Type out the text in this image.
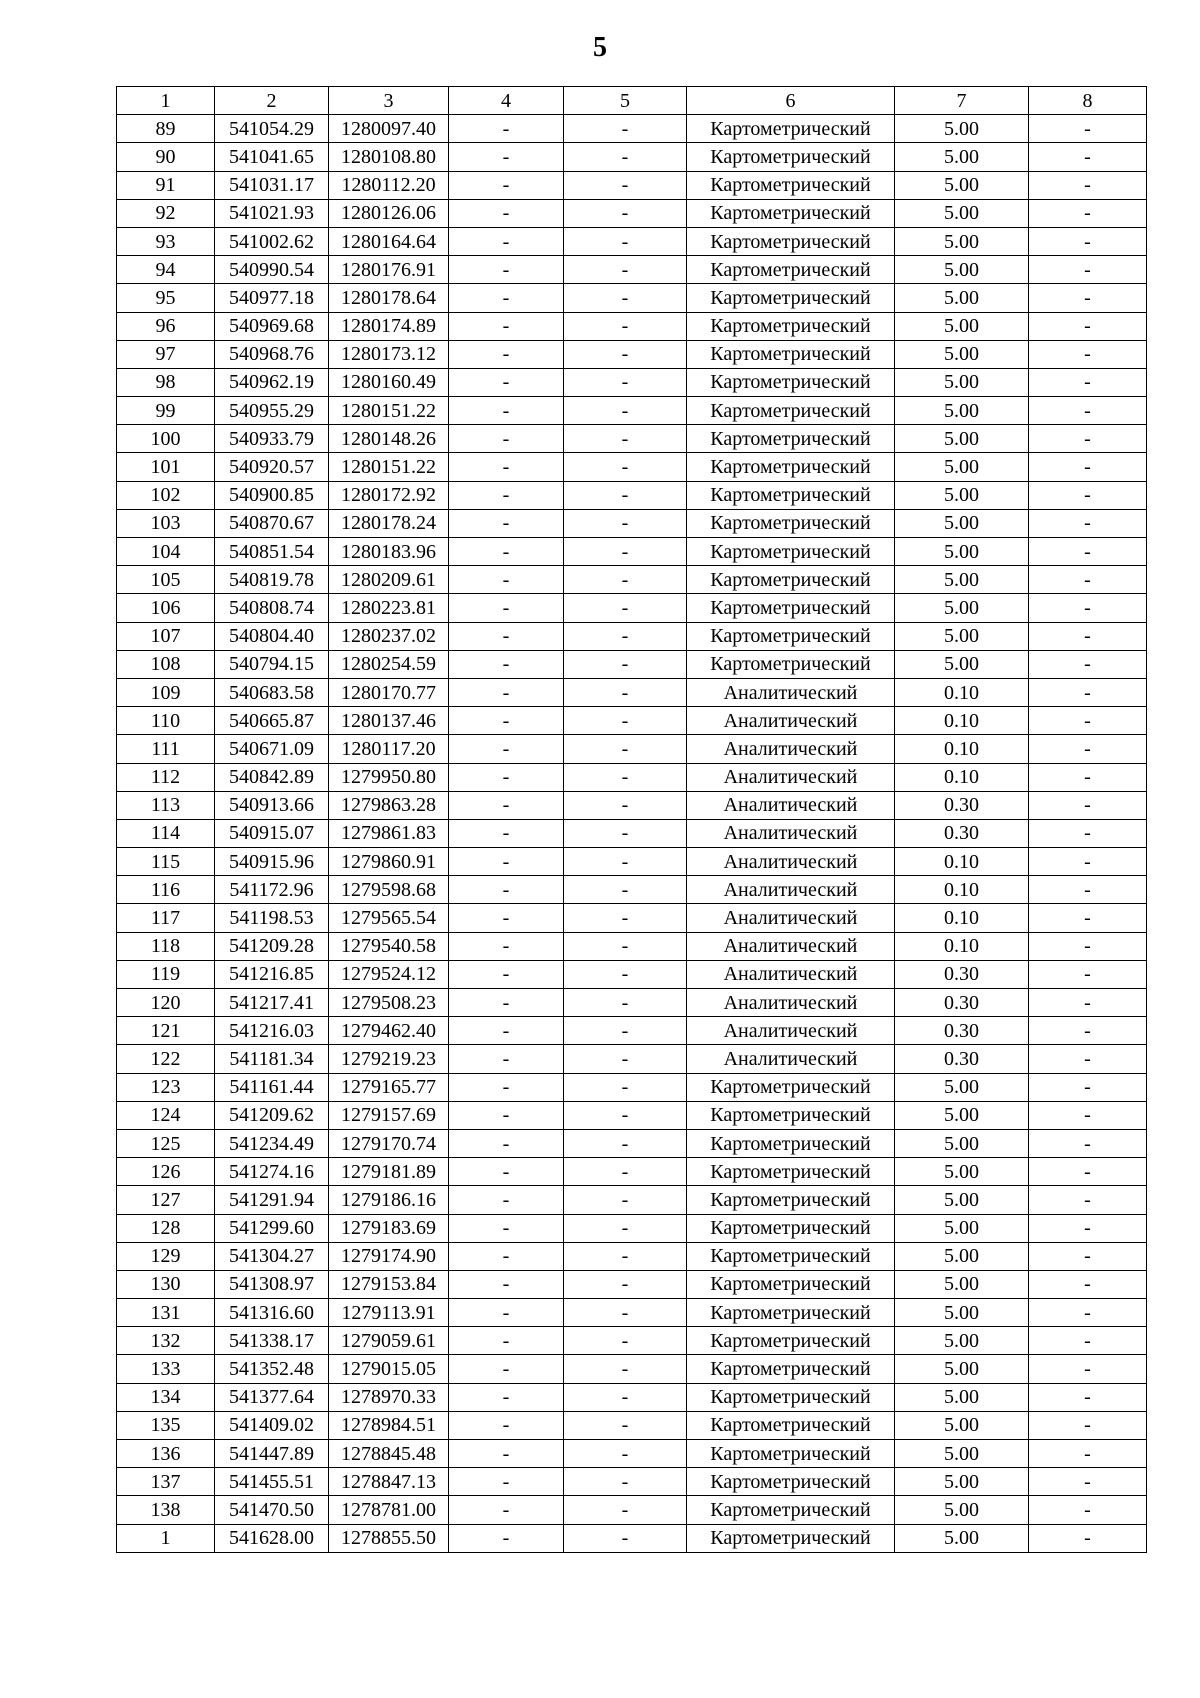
5
1	2	3	4	5	6	7	8
89	541054.29	1280097.40	-	-	Картометрический	5.00	-
90	541041.65	1280108.80	-	-	Картометрический	5.00	-
91	541031.17	1280112.20	-	-	Картометрический	5.00	-
92	541021.93	1280126.06	-	-	Картометрический	5.00	-
93	541002.62	1280164.64	-	-	Картометрический	5.00	-
94	540990.54	1280176.91	-	-	Картометрический	5.00	-
95	540977.18	1280178.64	-	-	Картометрический	5.00	-
96	540969.68	1280174.89	-	-	Картометрический	5.00	-
97	540968.76	1280173.12	-	-	Картометрический	5.00	-
98	540962.19	1280160.49	-	-	Картометрический	5.00	-
99	540955.29	1280151.22	-	-	Картометрический	5.00	-
100	540933.79	1280148.26	-	-	Картометрический	5.00	-
101	540920.57	1280151.22	-	-	Картометрический	5.00	-
102	540900.85	1280172.92	-	-	Картометрический	5.00	-
103	540870.67	1280178.24	-	-	Картометрический	5.00	-
104	540851.54	1280183.96	-	-	Картометрический	5.00	-
105	540819.78	1280209.61	-	-	Картометрический	5.00	-
106	540808.74	1280223.81	-	-	Картометрический	5.00	-
107	540804.40	1280237.02	-	-	Картометрический	5.00	-
108	540794.15	1280254.59	-	-	Картометрический	5.00	-
109	540683.58	1280170.77	-	-	Аналитический	0.10	-
110	540665.87	1280137.46	-	-	Аналитический	0.10	-
111	540671.09	1280117.20	-	-	Аналитический	0.10	-
112	540842.89	1279950.80	-	-	Аналитический	0.10	-
113	540913.66	1279863.28	-	-	Аналитический	0.30	-
114	540915.07	1279861.83	-	-	Аналитический	0.30	-
115	540915.96	1279860.91	-	-	Аналитический	0.10	-
116	541172.96	1279598.68	-	-	Аналитический	0.10	-
117	541198.53	1279565.54	-	-	Аналитический	0.10	-
118	541209.28	1279540.58	-	-	Аналитический	0.10	-
119	541216.85	1279524.12	-	-	Аналитический	0.30	-
120	541217.41	1279508.23	-	-	Аналитический	0.30	-
121	541216.03	1279462.40	-	-	Аналитический	0.30	-
122	541181.34	1279219.23	-	-	Аналитический	0.30	-
123	541161.44	1279165.77	-	-	Картометрический	5.00	-
124	541209.62	1279157.69	-	-	Картометрический	5.00	-
125	541234.49	1279170.74	-	-	Картометрический	5.00	-
126	541274.16	1279181.89	-	-	Картометрический	5.00	-
127	541291.94	1279186.16	-	-	Картометрический	5.00	-
128	541299.60	1279183.69	-	-	Картометрический	5.00	-
129	541304.27	1279174.90	-	-	Картометрический	5.00	-
130	541308.97	1279153.84	-	-	Картометрический	5.00	-
131	541316.60	1279113.91	-	-	Картометрический	5.00	-
132	541338.17	1279059.61	-	-	Картометрический	5.00	-
133	541352.48	1279015.05	-	-	Картометрический	5.00	-
134	541377.64	1278970.33	-	-	Картометрический	5.00	-
135	541409.02	1278984.51	-	-	Картометрический	5.00	-
136	541447.89	1278845.48	-	-	Картометрический	5.00	-
137	541455.51	1278847.13	-	-	Картометрический	5.00	-
138	541470.50	1278781.00	-	-	Картометрический	5.00	-
1	541628.00	1278855.50	-	-	Картометрический	5.00	-
